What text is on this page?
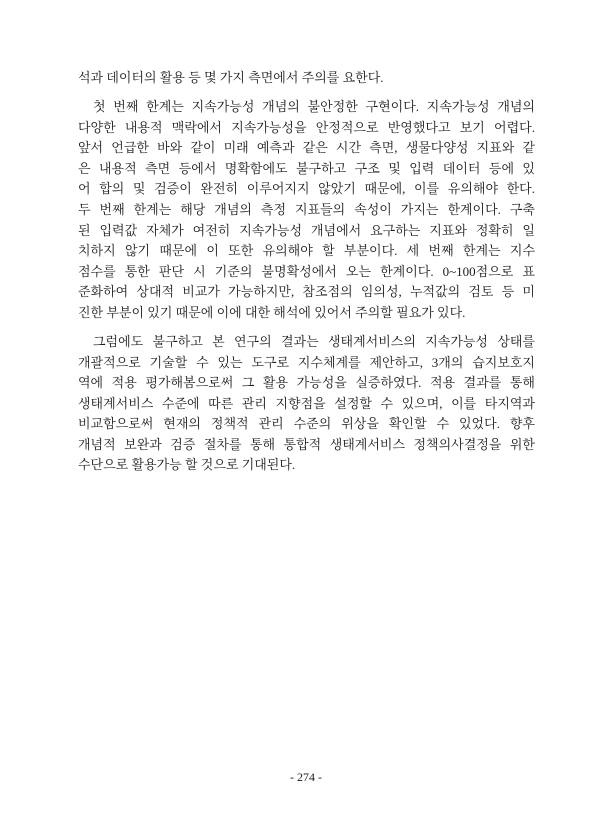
석과 데이터의 활용 등 몇 가지 측면에서 주의를 요한다.
첫 번째 한계는 지속가능성 개념의 불안정한 구현이다. 지속가능성 개념의
다양한 내용적 맥락에서 지속가능성을 안정적으로 반영했다고 보기 어렵다.
앞서 언급한 바와 같이 미래 예측과 같은 시간 측면, 생물다양성 지표와 같
은 내용적 측면 등에서 명확함에도 불구하고 구조 및 입력 데이터 등에 있
어 합의 및 검증이 완전히 이루어지지 않았기 때문에, 이를 유의해야 한다.
두 번째 한계는 해당 개념의 측정 지표들의 속성이 가지는 한계이다. 구축
된 입력값 자체가 여전히 지속가능성 개념에서 요구하는 지표와 정확히 일
치하지 않기 때문에 이 또한 유의해야 할 부분이다. 세 번째 한계는 지수
점수를 통한 판단 시 기준의 불명확성에서 오는 한계이다. 0~100점으로 표
준화하여 상대적 비교가 가능하지만, 참조점의 임의성, 누적값의 검토 등 미
진한 부분이 있기 때문에 이에 대한 해석에 있어서 주의할 필요가 있다.
그럼에도 불구하고 본 연구의 결과는 생태계서비스의 지속가능성 상태를
개괄적으로 기술할 수 있는 도구로 지수체계를 제안하고, 3개의 습지보호지
역에 적용 평가해봄으로써 그 활용 가능성을 실증하였다. 적용 결과를 통해
생태계서비스 수준에 따른 관리 지향점을 설정할 수 있으며, 이를 타지역과
비교함으로써 현재의 정책적 관리 수준의 위상을 확인할 수 있었다. 향후
개념적 보완과 검증 절차를 통해 통합적 생태계서비스 정책의사결정을 위한
수단으로 활용가능 할 것으로 기대된다.
- 274 -
